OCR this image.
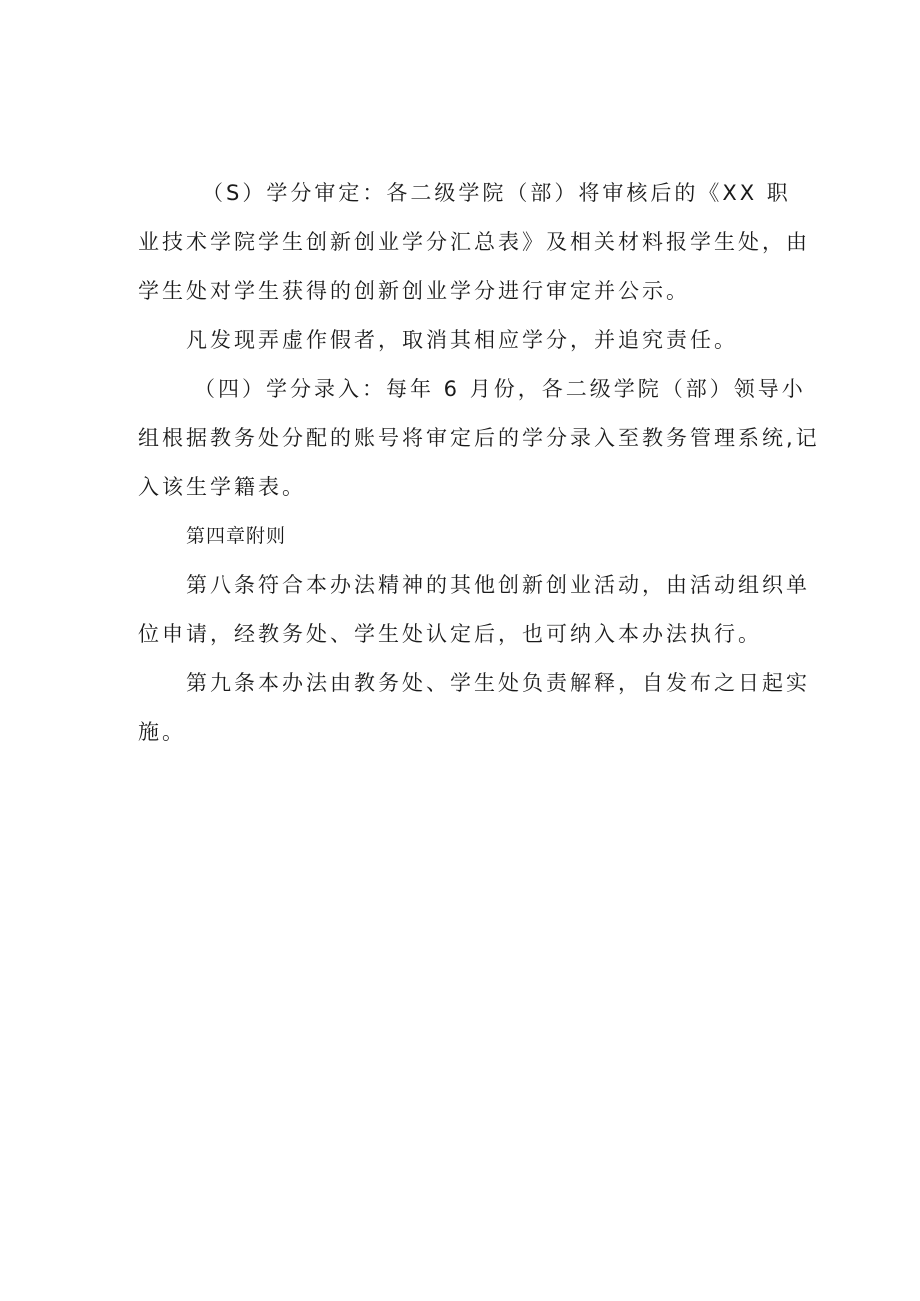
（S）学分审定：各二级学院（部）将审核后的《XX 职
业技术学院学生创新创业学分汇总表》及相关材料报学生处，由
学生处对学生获得的创新创业学分进行审定并公示。
凡发现弄虚作假者，取消其相应学分，并追究责任。
（四）学分录入：每年 6 月份，各二级学院（部）领导小
组根据教务处分配的账号将审定后的学分录入至教务管理系统,记
入该生学籍表。
第四章附则
第八条符合本办法精神的其他创新创业活动，由活动组织单
位申请，经教务处、学生处认定后，也可纳入本办法执行。
第九条本办法由教务处、学生处负责解释，自发布之日起实
施。
